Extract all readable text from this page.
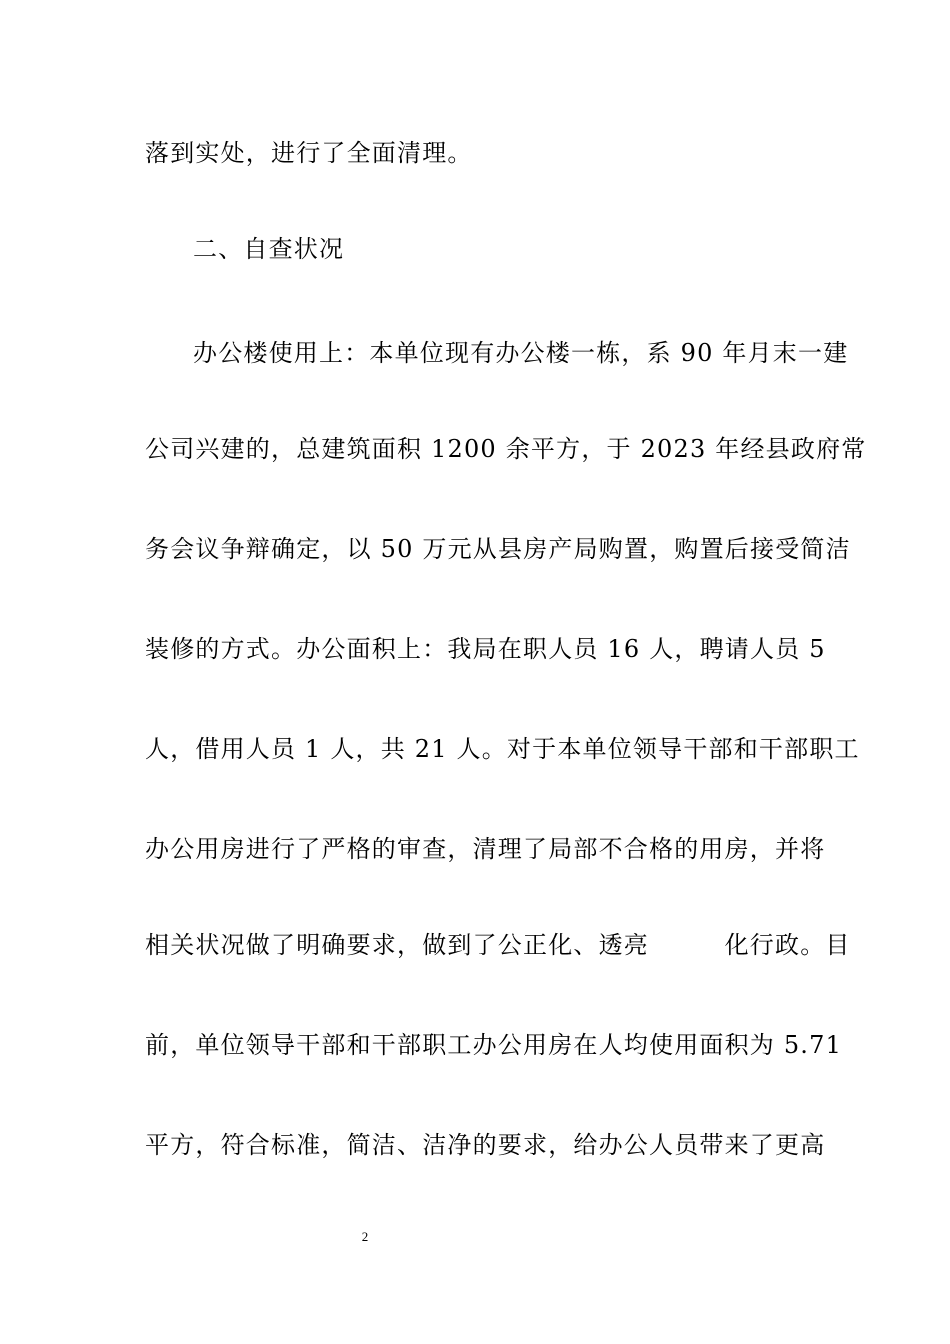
落到实处，进行了全面清理。
二、自查状况
办公楼使用上：本单位现有办公楼一栋，系 90 年月末一建
公司兴建的，总建筑面积 1200 余平方，于 2023 年经县政府常
务会议争辩确定，以 50 万元从县房产局购置，购置后接受简洁
装修的方式。办公面积上：我局在职人员 16 人，聘请人员 5
人，借用人员 1 人，共 21 人。对于本单位领导干部和干部职工
办公用房进行了严格的审查，清理了局部不合格的用房，并将
相关状况做了明确要求，做到了公正化、透亮　　　化行政。目
前，单位领导干部和干部职工办公用房在人均使用面积为 5.71
平方，符合标准，简洁、洁净的要求，给办公人员带来了更高
2
